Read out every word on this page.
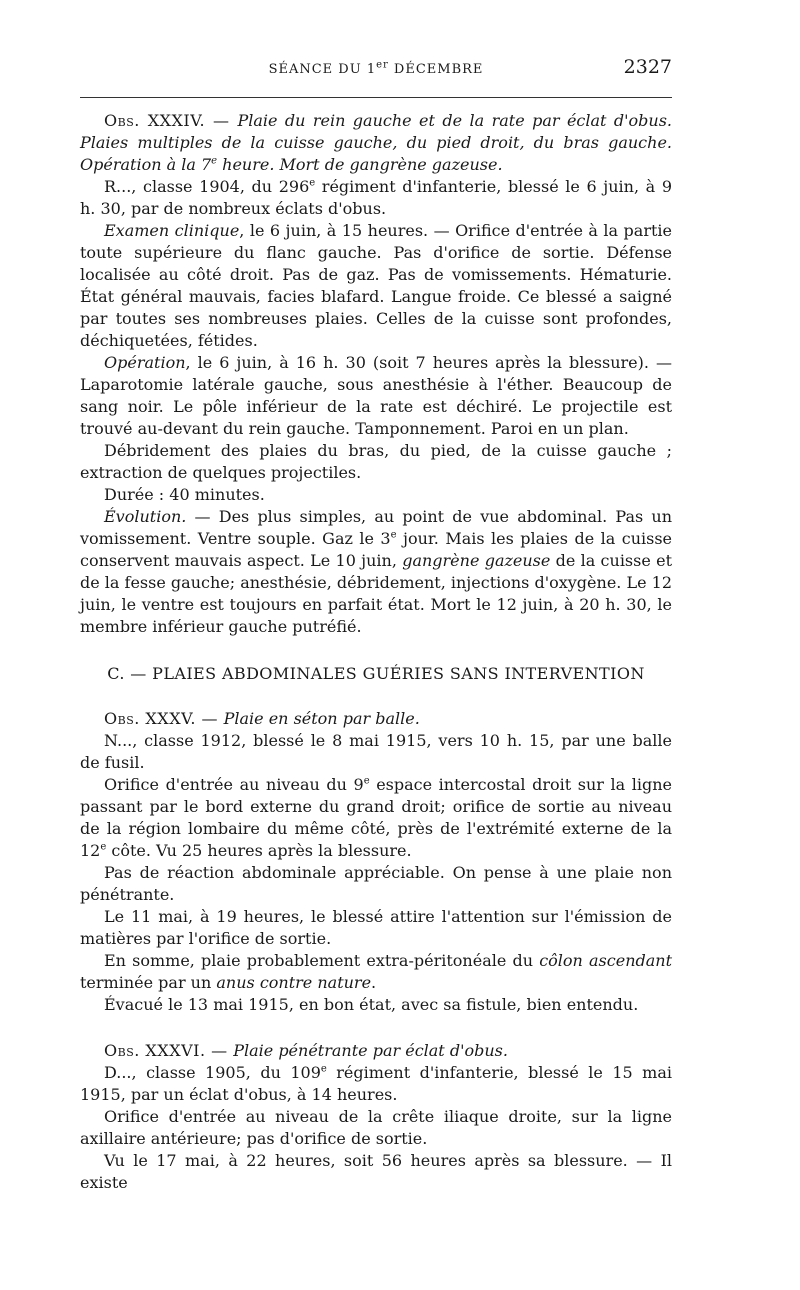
SÉANCE DU 1er DÉCEMBRE	2327

Obs. XXXIV. — Plaie du rein gauche et de la rate par éclat d'obus. Plaies multiples de la cuisse gauche, du pied droit, du bras gauche. Opération à la 7e heure. Mort de gangrène gazeuse.

R..., classe 1904, du 296e régiment d'infanterie, blessé le 6 juin, à 9 h. 30, par de nombreux éclats d'obus.

Examen clinique, le 6 juin, à 15 heures. — Orifice d'entrée à la partie toute supérieure du flanc gauche. Pas d'orifice de sortie. Défense localisée au côté droit. Pas de gaz. Pas de vomissements. Hématurie. État général mauvais, facies blafard. Langue froide. Ce blessé a saigné par toutes ses nombreuses plaies. Celles de la cuisse sont profondes, déchiquetées, fétides.

Opération, le 6 juin, à 16 h. 30 (soit 7 heures après la blessure). — Laparotomie latérale gauche, sous anesthésie à l'éther. Beaucoup de sang noir. Le pôle inférieur de la rate est déchiré. Le projectile est trouvé au-devant du rein gauche. Tamponnement. Paroi en un plan.

Débridement des plaies du bras, du pied, de la cuisse gauche ; extraction de quelques projectiles.

Durée : 40 minutes.

Évolution. — Des plus simples, au point de vue abdominal. Pas un vomissement. Ventre souple. Gaz le 3e jour. Mais les plaies de la cuisse conservent mauvais aspect. Le 10 juin, gangrène gazeuse de la cuisse et de la fesse gauche; anesthésie, débridement, injections d'oxygène. Le 12 juin, le ventre est toujours en parfait état. Mort le 12 juin, à 20 h. 30, le membre inférieur gauche putréfié.

C. — PLAIES ABDOMINALES GUÉRIES SANS INTERVENTION

Obs. XXXV. — Plaie en séton par balle.

N..., classe 1912, blessé le 8 mai 1915, vers 10 h. 15, par une balle de fusil.

Orifice d'entrée au niveau du 9e espace intercostal droit sur la ligne passant par le bord externe du grand droit; orifice de sortie au niveau de la région lombaire du même côté, près de l'extrémité externe de la 12e côte. Vu 25 heures après la blessure.

Pas de réaction abdominale appréciable. On pense à une plaie non pénétrante.

Le 11 mai, à 19 heures, le blessé attire l'attention sur l'émission de matières par l'orifice de sortie.

En somme, plaie probablement extra-péritonéale du côlon ascendant terminée par un anus contre nature.

Évacué le 13 mai 1915, en bon état, avec sa fistule, bien entendu.

Obs. XXXVI. — Plaie pénétrante par éclat d'obus.

D..., classe 1905, du 109e régiment d'infanterie, blessé le 15 mai 1915, par un éclat d'obus, à 14 heures.

Orifice d'entrée au niveau de la crête iliaque droite, sur la ligne axillaire antérieure; pas d'orifice de sortie.

Vu le 17 mai, à 22 heures, soit 56 heures après sa blessure. — Il existe
